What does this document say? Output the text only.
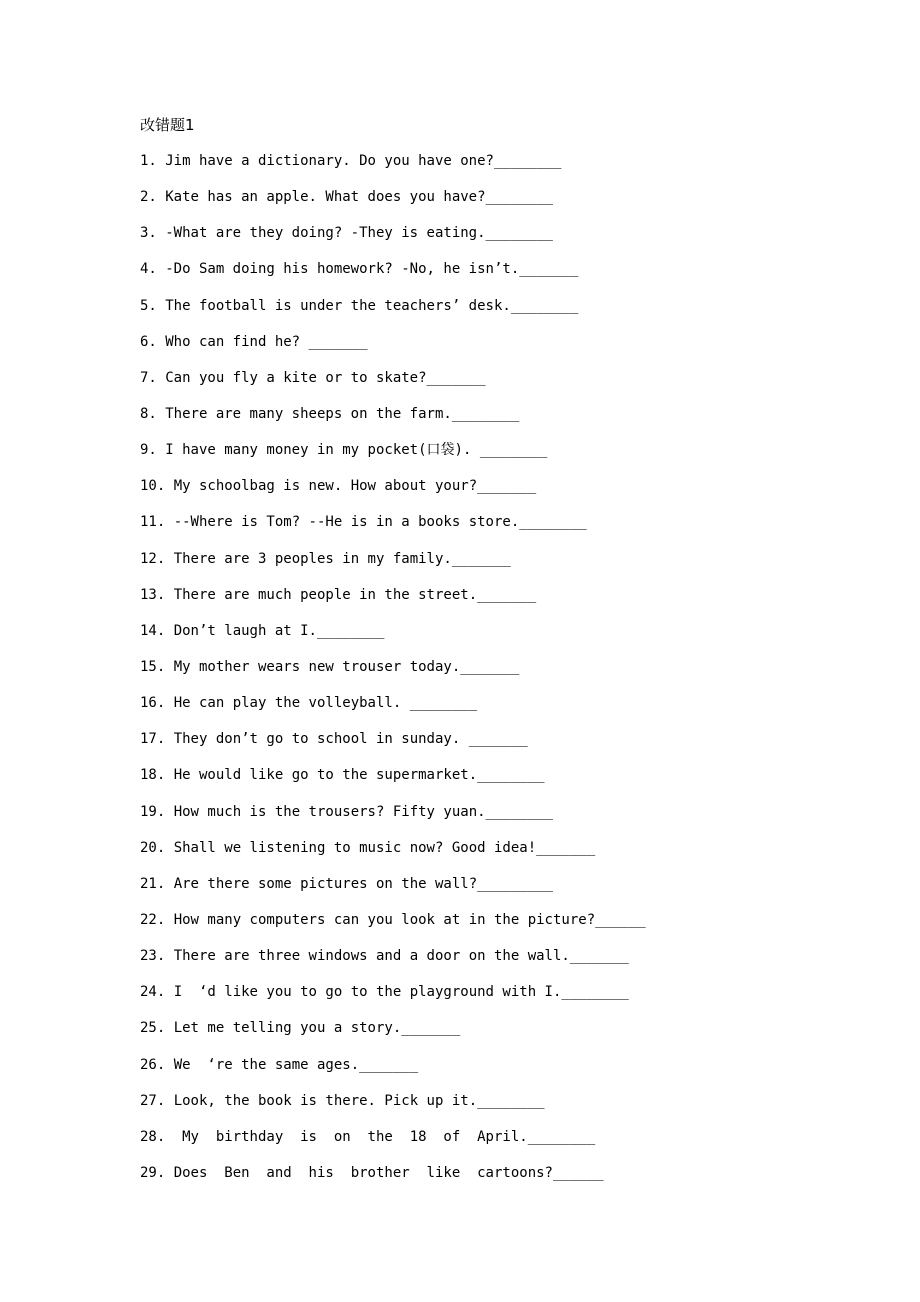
改错题1
1. Jim have a dictionary. Do you have one?________
2. Kate has an apple. What does you have?________
3. -What are they doing? -They is eating.________
4. -Do Sam doing his homework? -No, he isn’t._______
5. The football is under the teachers’ desk.________
6. Who can find he? _______
7. Can you fly a kite or to skate?_______
8. There are many sheeps on the farm.________
9. I have many money in my pocket(口袋). ________
10. My schoolbag is new. How about your?_______
11. --Where is Tom? --He is in a books store.________
12. There are 3 peoples in my family._______
13. There are much people in the street._______
14. Don’t laugh at I.________
15. My mother wears new trouser today._______
16. He can play the volleyball. ________
17. They don’t go to school in sunday. _______
18. He would like go to the supermarket.________
19. How much is the trousers? Fifty yuan.________
20. Shall we listening to music now? Good idea!_______
21. Are there some pictures on the wall?_________
22. How many computers can you look at in the picture?______
23. There are three windows and a door on the wall._______
24. I  ‘d like you to go to the playground with I.________
25. Let me telling you a story._______
26. We  ‘re the same ages._______
27. Look, the book is there. Pick up it.________
28. My  birthday  is  on  the  18  of  April.________
29. Does  Ben  and  his  brother  like  cartoons?______
